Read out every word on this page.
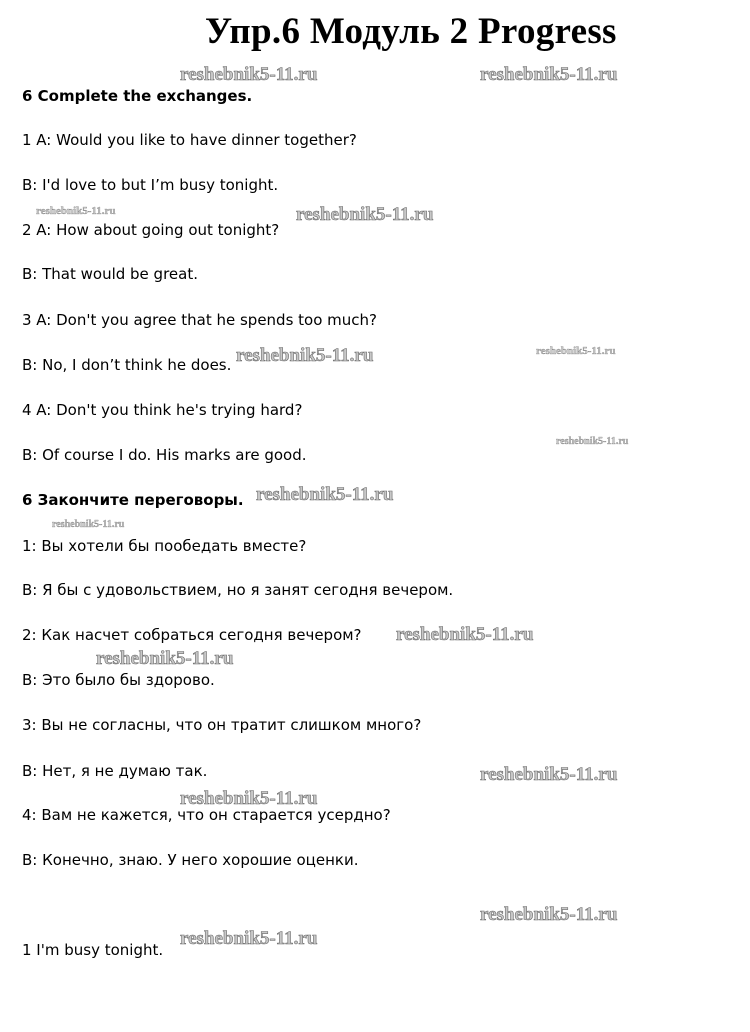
Упр.6 Модуль 2 Progress
6 Complete the exchanges.
1 A: Would you like to have dinner together?
B: I'd love to but I’m busy tonight.
2 A: How about going out tonight?
B: That would be great.
3 A: Don't you agree that he spends too much?
B: No, I don’t think he does.
4 A: Don't you think he's trying hard?
B: Of course I do. His marks are good.
6 Закончите переговоры.
1: Вы хотели бы пообедать вместе?
B: Я бы с удовольствием, но я занят сегодня вечером.
2: Как насчет собраться сегодня вечером?
B: Это было бы здорово.
3: Вы не согласны, что он тратит слишком много?
B: Нет, я не думаю так.
4: Вам не кажется, что он старается усердно?
B: Конечно, знаю. У него хорошие оценки.
1 I'm busy tonight.
reshebnik5-11.ru	reshebnik5-11.ru
reshebnik5-11.ru	reshebnik5-11.ru
reshebnik5-11.ru	reshebnik5-11.ru
reshebnik5-11.ru
reshebnik5-11.ru
reshebnik5-11.ru
reshebnik5-11.ru
reshebnik5-11.ru
reshebnik5-11.ru
reshebnik5-11.ru
reshebnik5-11.ru
reshebnik5-11.ru
